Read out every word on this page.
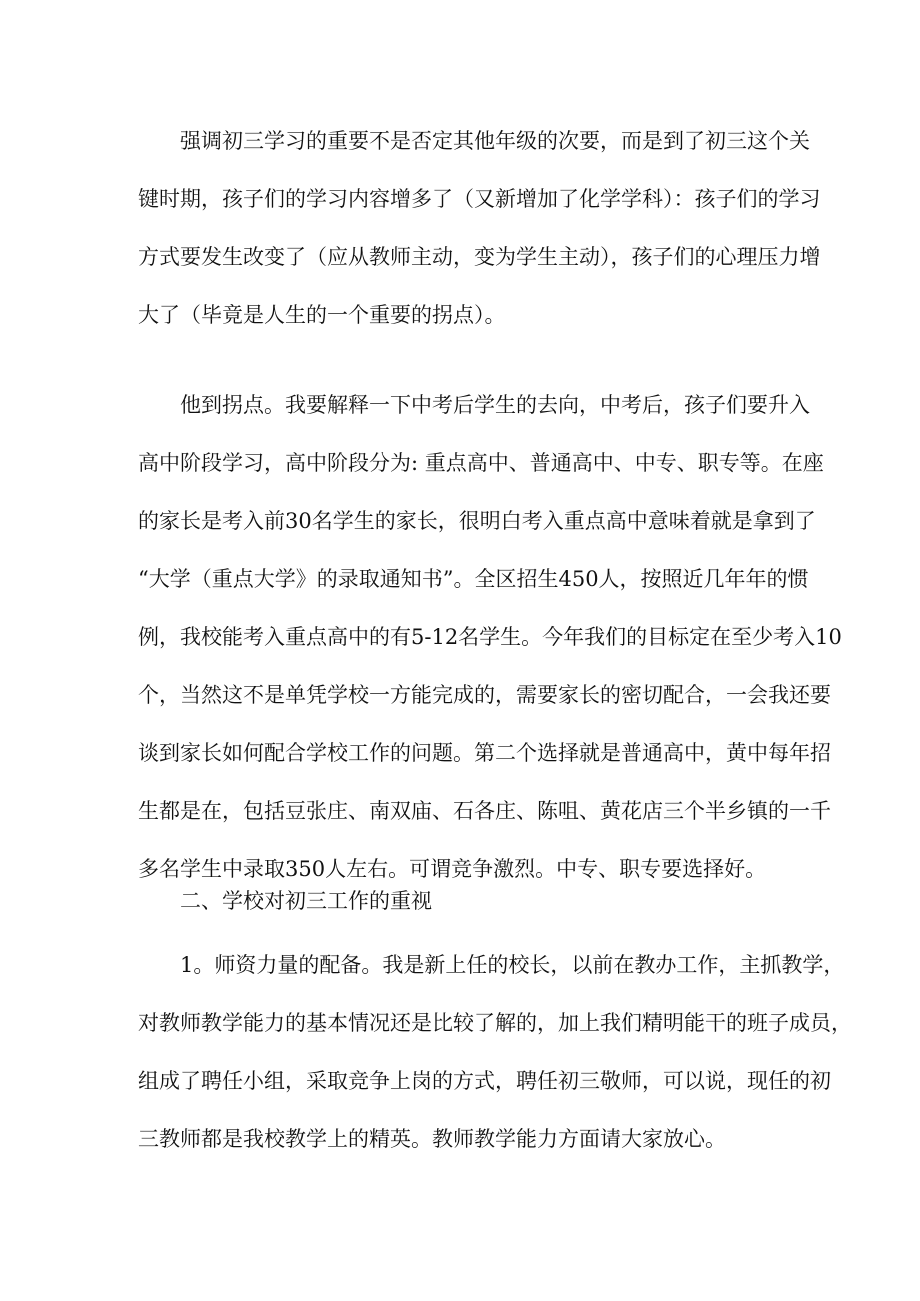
强调初三学习的重要不是否定其他年级的次要，而是到了初三这个关
键时期，孩子们的学习内容增多了（又新增加了化学学科）：孩子们的学习
方式要发生改变了（应从教师主动，变为学生主动），孩子们的心理压力增
大了（毕竟是人生的一个重要的拐点）。
他到拐点。我要解释一下中考后学生的去向，中考后，孩子们要升入
高中阶段学习，高中阶段分为: 重点高中、普通高中、中专、职专等。在座
的家长是考入前30名学生的家长，很明白考入重点高中意味着就是拿到了
“大学（重点大学》的录取通知书”。全区招生450人，按照近几年年的惯
例，我校能考入重点高中的有5-12名学生。今年我们的目标定在至少考入10
个，当然这不是单凭学校一方能完成的，需要家长的密切配合，一会我还要
谈到家长如何配合学校工作的问题。第二个选择就是普通高中，黄中每年招
生都是在，包括豆张庄、南双庙、石各庄、陈咀、黄花店三个半乡镇的一千
多名学生中录取350人左右。可谓竞争激烈。中专、职专要选择好。
二、学校对初三工作的重视
1。师资力量的配备。我是新上任的校长，以前在教办工作，主抓教学，
对教师教学能力的基本情况还是比较了解的，加上我们精明能干的班子成员，
组成了聘任小组，采取竞争上岗的方式，聘任初三敬师，可以说，现任的初
三教师都是我校教学上的精英。教师教学能力方面请大家放心。
